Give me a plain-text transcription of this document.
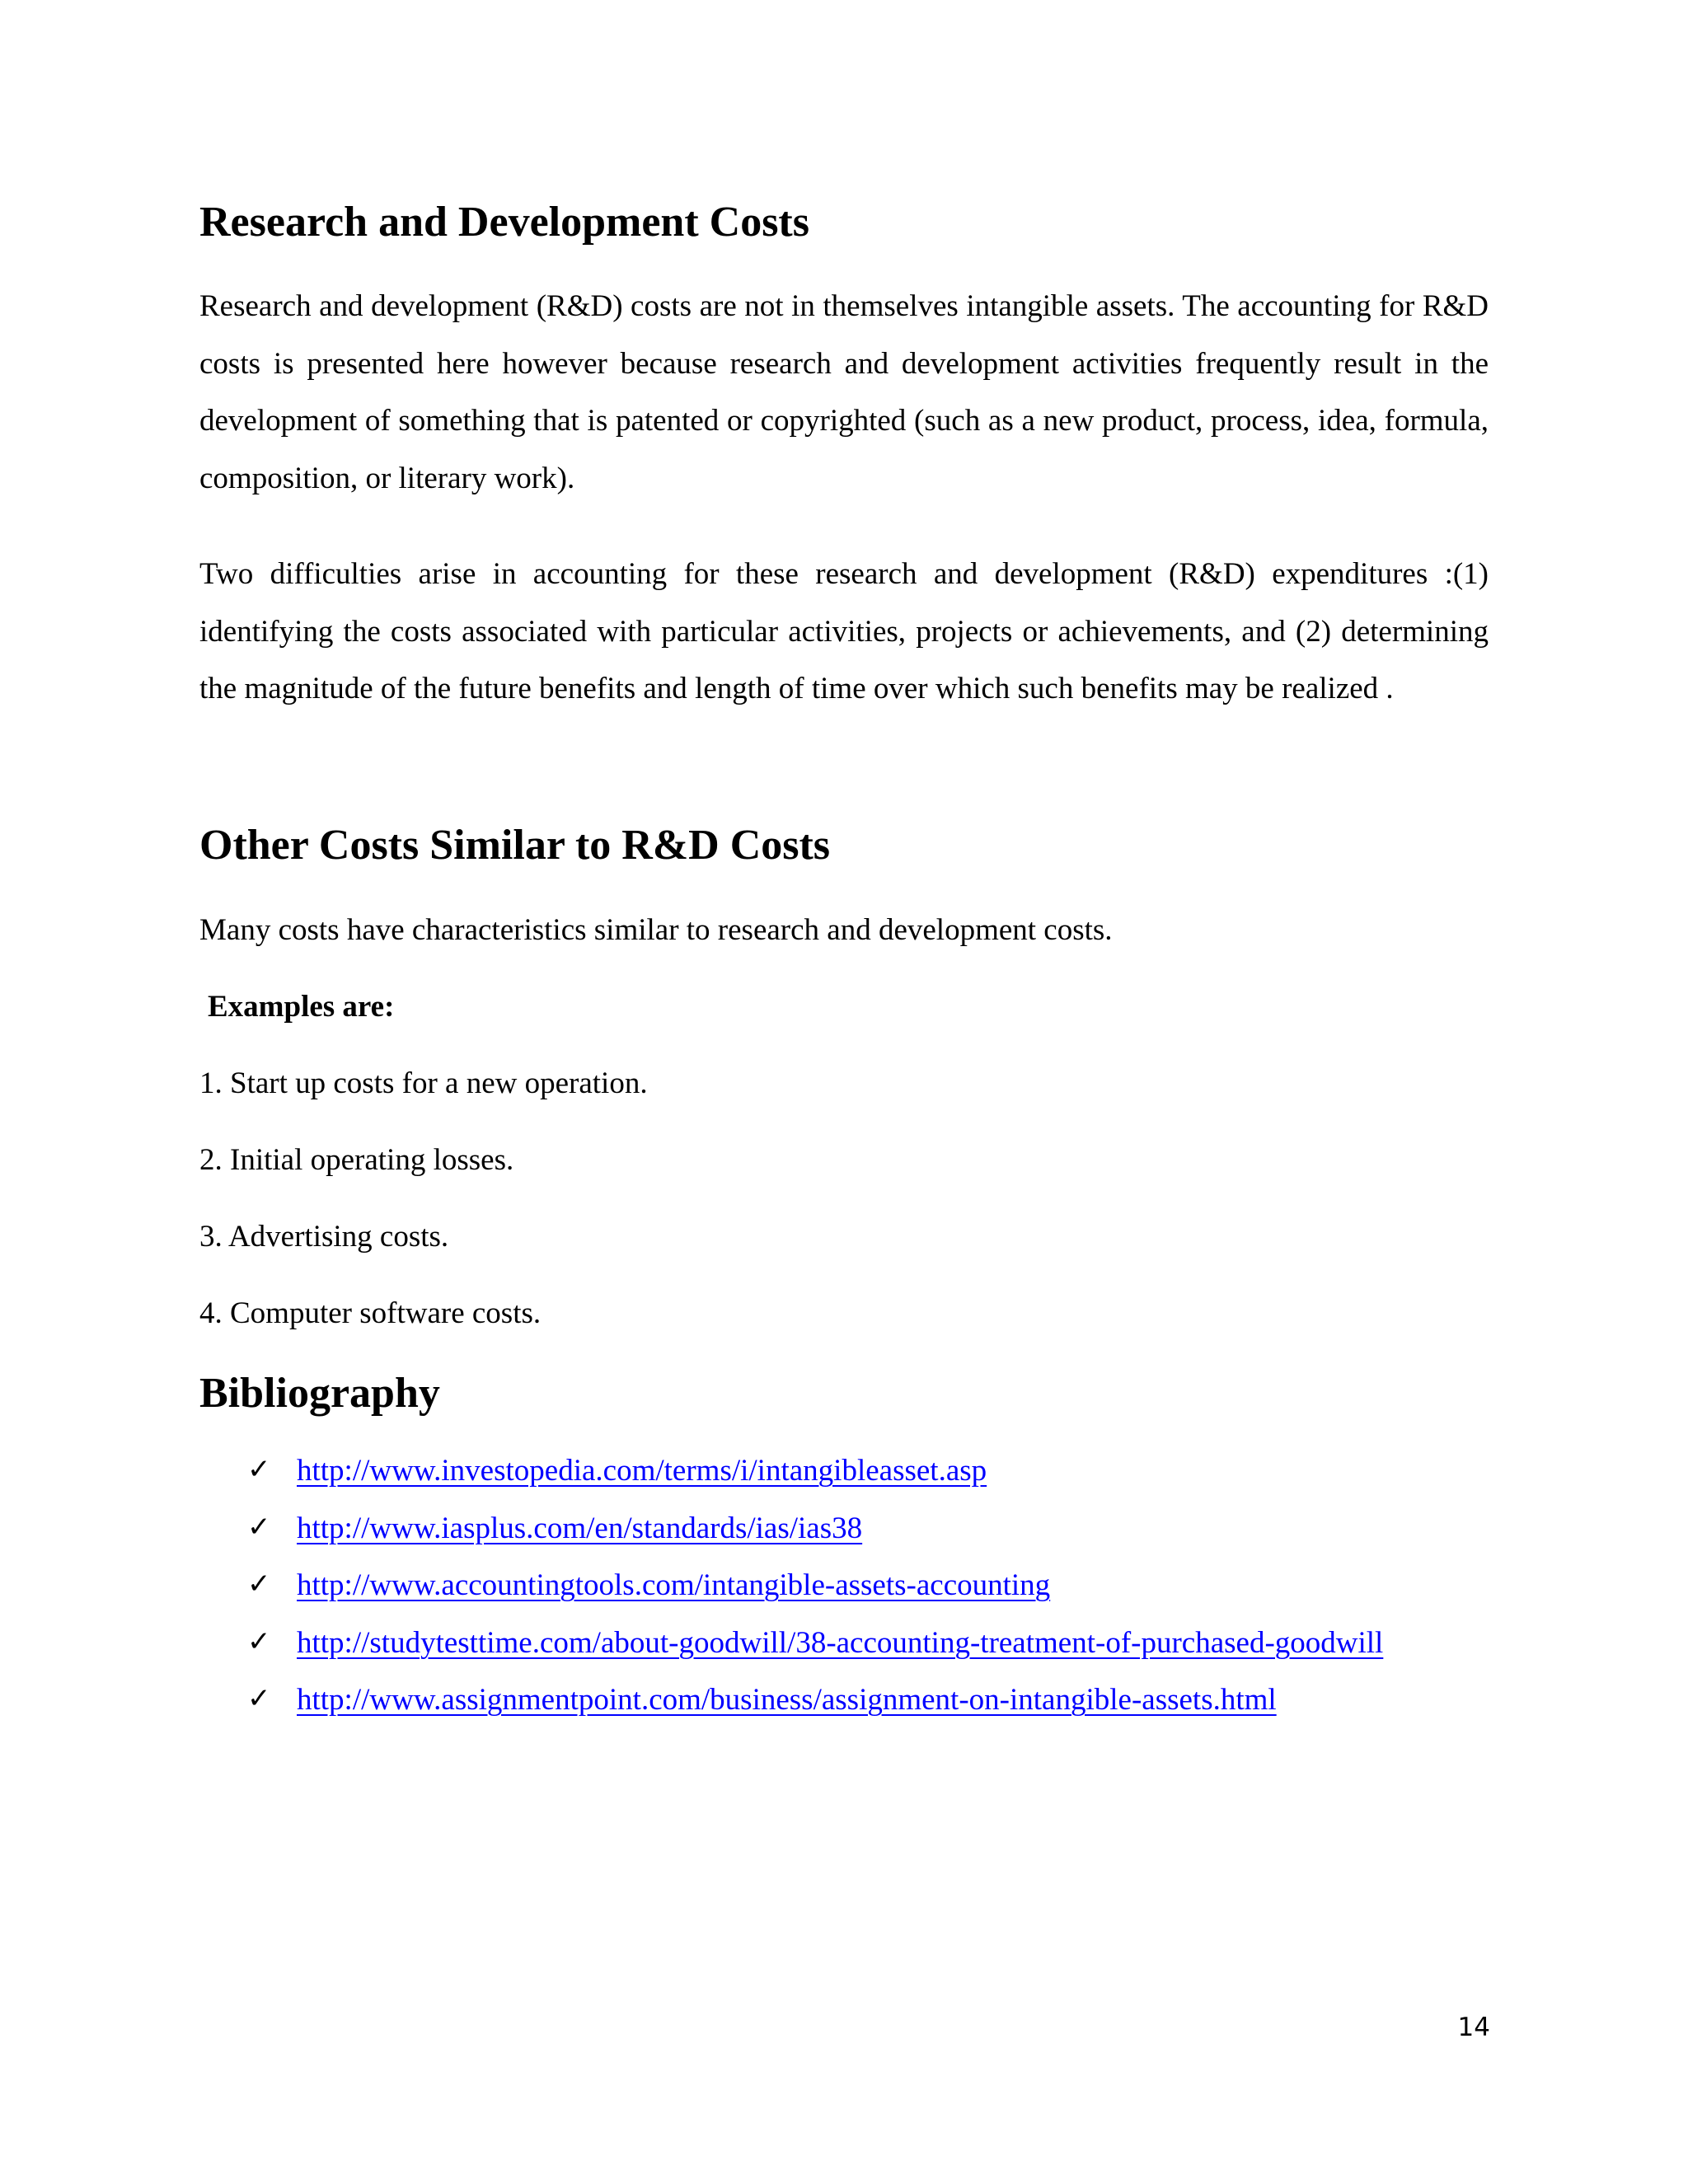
Research and Development Costs

Research and development (R&D) costs are not in themselves intangible assets. The accounting for R&D costs is presented here however because research and development activities frequently result in the development of something that is patented or copyrighted (such as a new product, process, idea, formula, composition, or literary work).

Two difficulties arise in accounting for these research and development (R&D) expenditures :(1) identifying the costs associated with particular activities, projects or achievements, and (2) determining the magnitude of the future benefits and length of time over which such benefits may be realized .

Other Costs Similar to R&D Costs
Many costs have characteristics similar to research and development costs.
Examples are:
1. Start up costs for a new operation.
2. Initial operating losses.
3. Advertising costs.
4. Computer software costs.
Bibliography
✓ http://www.investopedia.com/terms/i/intangibleasset.asp
✓ http://www.iasplus.com/en/standards/ias/ias38
✓ http://www.accountingtools.com/intangible-assets-accounting
✓ http://studytesttime.com/about-goodwill/38-accounting-treatment-of-purchased-goodwill
✓ http://www.assignmentpoint.com/business/assignment-on-intangible-assets.html
14
